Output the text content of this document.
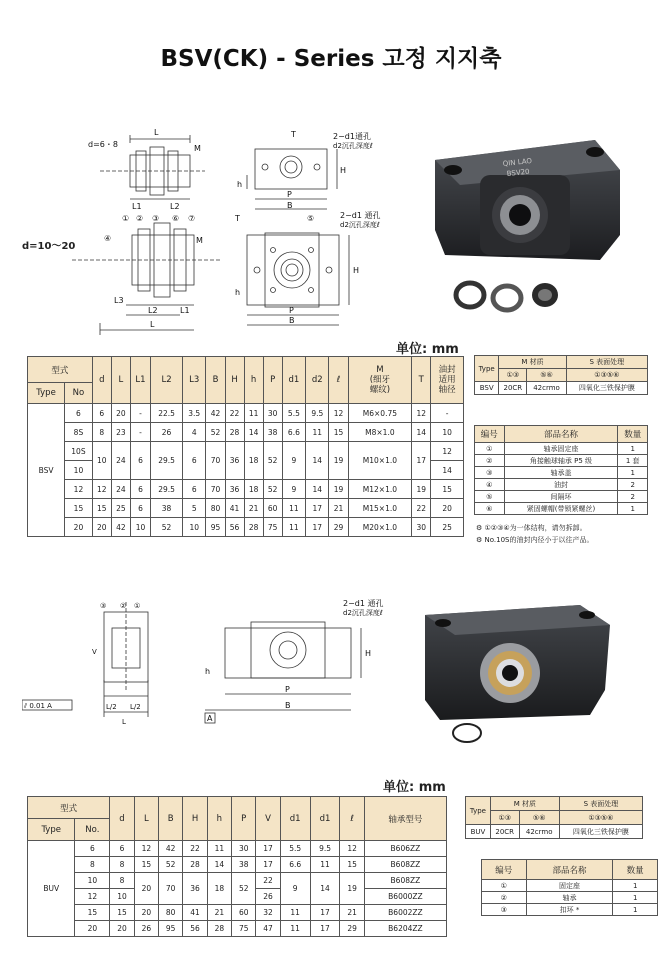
BSV(CK) - Series 고정 지지축
d=6・8
L
M
L1	L2
① ② ③ ⑥ ⑦
④	M
L3
L2	L1
L
d=10～20
T	2−d1通孔
d2沉孔深度ℓ
H
h
P
B
T	⑤	2−d1 通孔
d2沉孔深度ℓ
H
h
P
B
QIN LAO
BSV20
单位: mm
型式		d	L	L1	L2	L3	B	H	h	P	d1	d2	ℓ	M
(细牙
螺纹)	T	油封
适用
轴径
Type	No															
BSV	6	6	20	-	22.5	3.5	42	22	11	30	5.5	9.5	12	M6×0.75	12	-
	8S	8	23	-	26	4	52	28	14	38	6.6	11	15	M8×1.0	14	10
	10S	10	24	6	29.5	6	70	36	18	52	9	14	19	M10×1.0	17	12
	10															14
	12	12	24	6	29.5	6	70	36	18	52	9	14	19	M12×1.0	19	15
	15	15	25	6	38	5	80	41	21	60	11	17	21	M15×1.0	22	20
	20	20	42	10	52	10	95	56	28	75	11	17	29	M20×1.0	30	25
Type	M 材质		S 表面处理
	①③	⑤⑥	①③⑤⑥
BSV	20CR	42crmo	四氧化三铁保护膜
编号	部品名称	数量
①	轴承固定座	1
②	角接触球轴承 P5 级	1 套
③	轴承盖	1
④	油封	2
⑤	间隔环	2
⑥	紧固螺帽(带锁紧螺丝)	1
⚙ ①②③④为一体结构，请勿拆卸。
⚙ No.10S的油封内径小于以往产品。
③ ② ①
V
⫽ 0.01 A	L/2 L/2
L
2−d1 通孔
d2沉孔深度ℓ
H
h
P
B
A
单位: mm
型式		d	L	B	H	h	P	V	d1	d1	ℓ	轴承型号
Type	No.											
BUV	6	6	12	42	22	11	30	17	5.5	9.5	12	B606ZZ
	8	8	15	52	28	14	38	17	6.6	11	15	B608ZZ
	10	8	20	70	36	18	52	22	9	14	19	B608ZZ
	12	10						26				B6000ZZ
	15	15	20	80	41	21	60	32	11	17	21	B6002ZZ
	20	20	26	95	56	28	75	47	11	17	29	B6204ZZ
Type	M 材质		S 表面处理
	①③	⑤⑥	①③⑤⑥
BUV	20CR	42crmo	四氧化三铁保护膜
编号	部品名称	数量
①	固定座	1
②	轴承	1
③	扣环 *	1
